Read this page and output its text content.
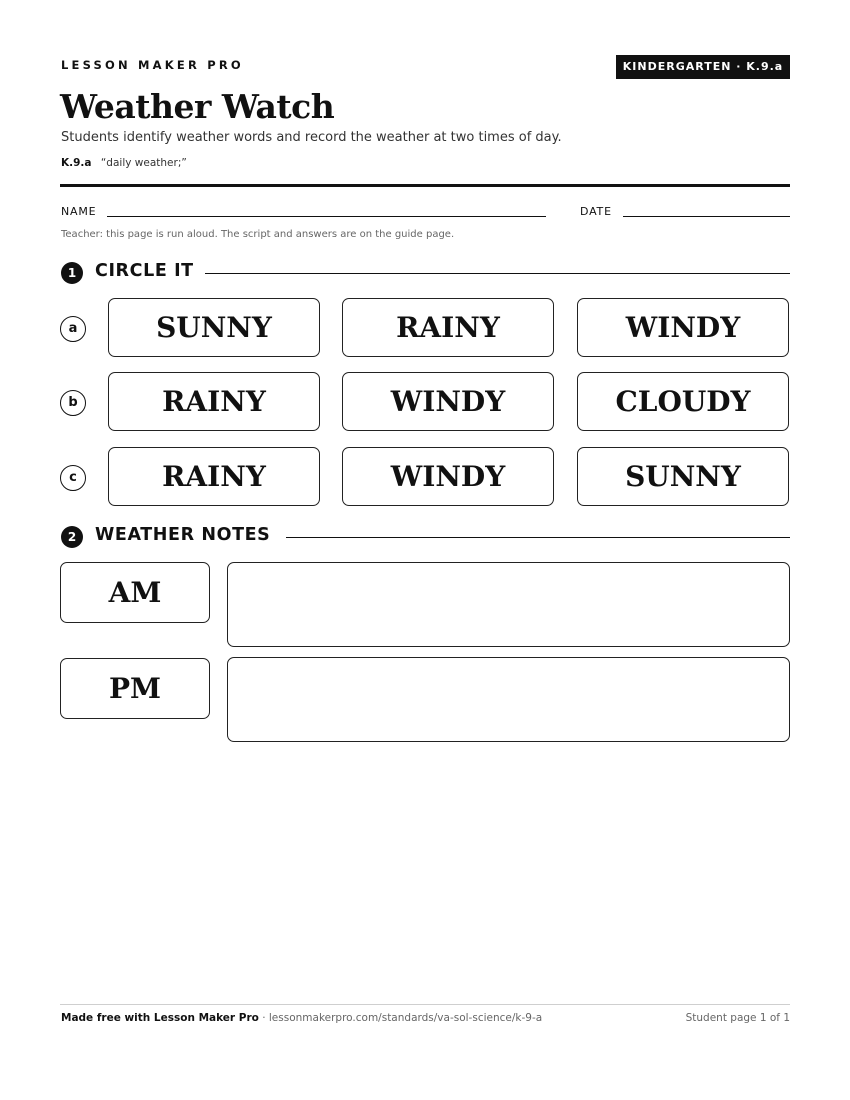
LESSON MAKER PRO	KINDERGARTEN · K.9.a
Weather Watch
Students identify weather words and record the weather at two times of day.
K.9.a “daily weather;”
NAME	DATE
Teacher: this page is run aloud. The script and answers are on the guide page.
1	CIRCLE IT
a	SUNNY	RAINY	WINDY
b	RAINY	WINDY	CLOUDY
c	RAINY	WINDY	SUNNY
2	WEATHER NOTES
AM
PM
Made free with Lesson Maker Pro · lessonmakerpro.com/standards/va-sol-science/k-9-a	Student page 1 of 1
